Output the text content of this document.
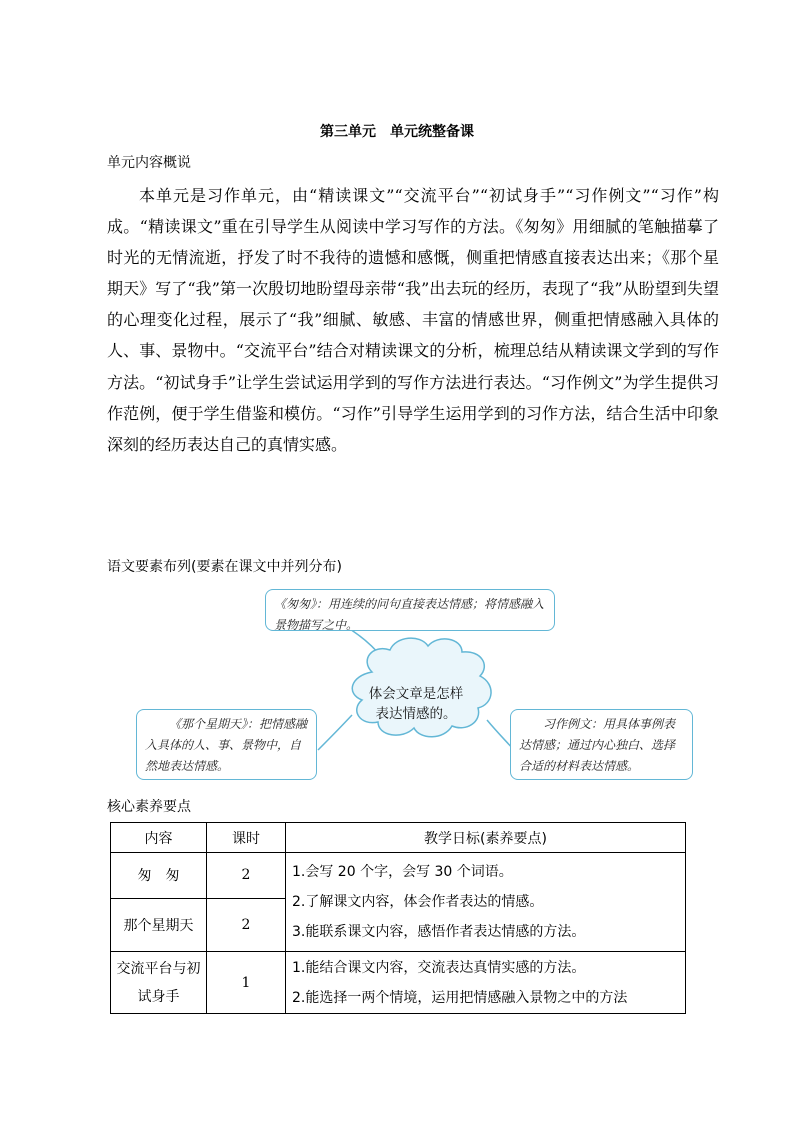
第三单元　单元统整备课
单元内容概说
本单元是习作单元，由“精读课文”“交流平台”“初试身手”“习作例文”“习作”构成。“精读课文”重在引导学生从阅读中学习写作的方法。《匆匆》用细腻的笔触描摹了时光的无情流逝，抒发了时不我待的遗憾和感慨，侧重把情感直接表达出来；《那个星期天》写了“我”第一次殷切地盼望母亲带“我”出去玩的经历，表现了“我”从盼望到失望的心理变化过程，展示了“我”细腻、敏感、丰富的情感世界，侧重把情感融入具体的人、事、景物中。“交流平台”结合对精读课文的分析，梳理总结从精读课文学到的写作方法。“初试身手”让学生尝试运用学到的写作方法进行表达。“习作例文”为学生提供习作范例，便于学生借鉴和模仿。“习作”引导学生运用学到的习作方法，结合生活中印象深刻的经历表达自己的真情实感。
语文要素布列(要素在课文中并列分布)
《匆匆》：用连续的问句直接表达情感；将情感融入景物描写之中。
《那个星期天》：把情感融入具体的人、事、景物中，自然地表达情感。
习作例文：用具体事例表达情感；通过内心独白、选择合适的材料表达情感。
体会文章是怎样表达情感的。
核心素养要点
内容	课时	教学日标(素养要点)
匆　匆	2	1.会写 20 个字，会写 30 个词语。
2.了解课文内容，体会作者表达的情感。
3.能联系课文内容，感悟作者表达情感的方法。

那个星期天	2	
交流平台与初试身手	1	1.能结合课文内容，交流表达真情实感的方法。
2.能选择一两个情境，运用把情感融入景物之中的方法
